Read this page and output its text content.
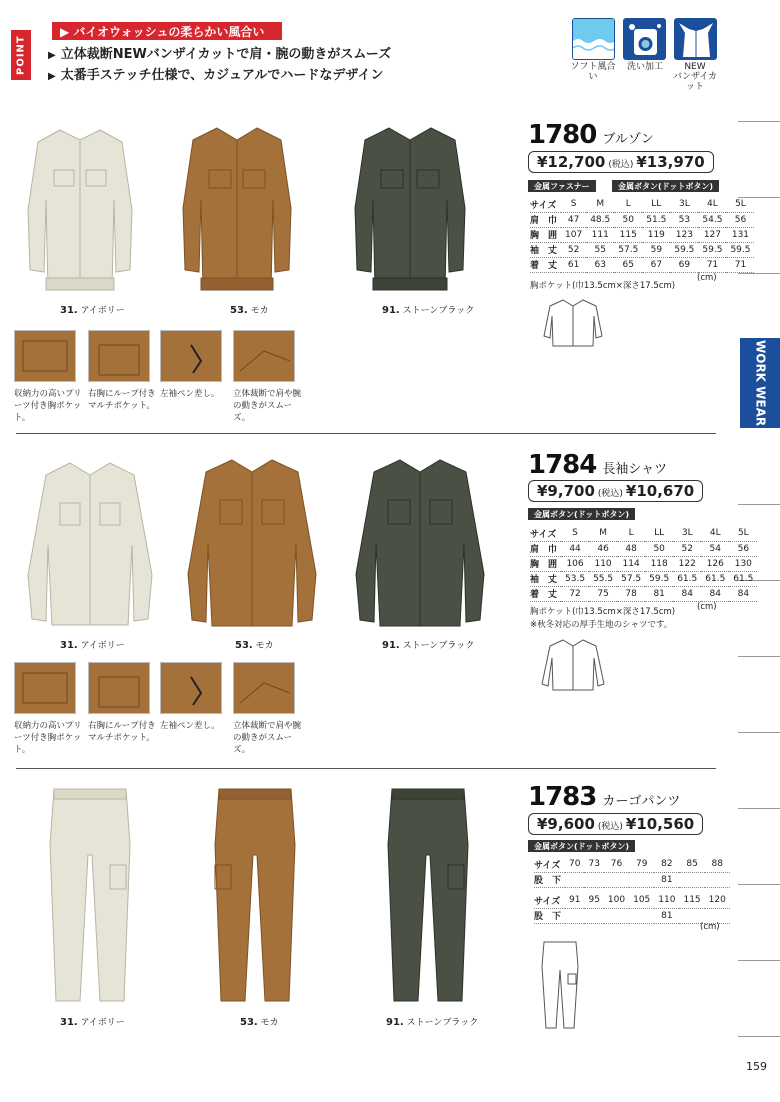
POINT
▶ バイオウォッシュの柔らかい風合い
▶ 立体裁断NEWバンザイカットで肩・腕の動きがスムーズ
▶ 太番手ステッチ仕様で、カジュアルでハードなデザイン
ソフト風合い
洗い加工	NEW
バンザイカット
WORK WEAR
31. アイボリー	53. モカ	91. ストーンブラック
収納力の高いプリーツ付き胸ポケット。
右胸にループ付きマルチポケット。
左袖ペン差し。	立体裁断で肩や腕の動きがスムーズ。
1780 ブルゾン
¥12,700 (税込) ¥13,970
金属ファスナー	金属ボタン(ドットボタン)
サイズ	S	M	L	LL	3L	4L	5L
肩　巾	47	48.5	50	51.5	53	54.5	56
胸　囲	107	111	115	119	123	127	131
袖　丈	52	55	57.5	59	59.5	59.5	59.5
着　丈	61	63	65	67	69	71	71
(cm)
胸ポケット(巾13.5cm×深さ17.5cm)
31. アイボリー	53. モカ	91. ストーンブラック
収納力の高いプリーツ付き胸ポケット。
右胸にループ付きマルチポケット。
左袖ペン差し。	立体裁断で肩や腕の動きがスムーズ。
1784 長袖シャツ
¥9,700 (税込) ¥10,670
金属ボタン(ドットボタン)
サイズ	S	M	L	LL	3L	4L	5L
肩　巾	44	46	48	50	52	54	56
胸　囲	106	110	114	118	122	126	130
袖　丈	53.5	55.5	57.5	59.5	61.5	61.5	61.5
着　丈	72	75	78	81	84	84	84
(cm)
胸ポケット(巾13.5cm×深さ17.5cm)
※秋冬対応の厚手生地のシャツです。
31. アイボリー	53. モカ	91. ストーンブラック
1783 カーゴパンツ
¥9,600 (税込) ¥10,560
金属ボタン(ドットボタン)
サイズ	70	73	76	79	82	85	88
股　下					81		

サイズ	91	95	100	105	110	115	120
股　下					81		
(cm)
159
